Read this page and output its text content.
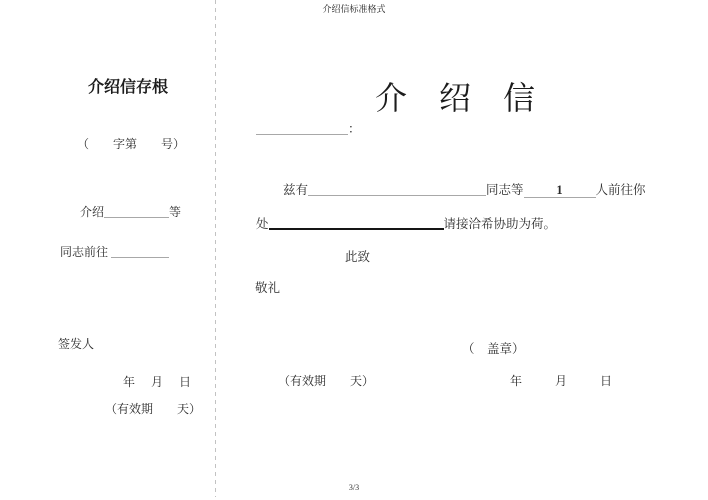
介绍信标准格式
介绍信存根
（　　字第　　号）
介绍	等
同志前往
签发人
年　月　日
（有效期　　天）
介　绍　信
：
兹有	同志等	1	人前往你
处	请接洽希协助为荷。
此致
敬礼
（　盖章）
（有效期　　天）	年　　月　　日
3/3
